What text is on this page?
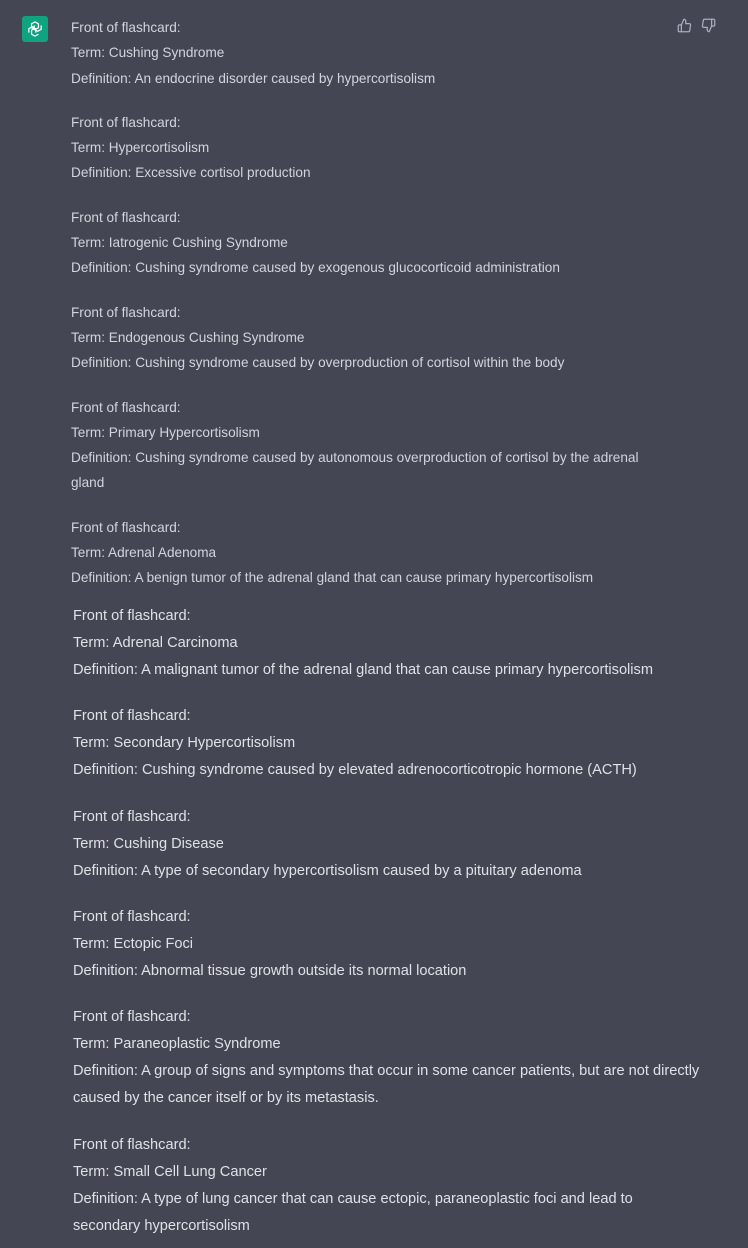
Front of flashcard:
Term: Cushing Syndrome
Definition: An endocrine disorder caused by hypercortisolism
Front of flashcard:
Term: Hypercortisolism
Definition: Excessive cortisol production
Front of flashcard:
Term: Iatrogenic Cushing Syndrome
Definition: Cushing syndrome caused by exogenous glucocorticoid administration
Front of flashcard:
Term: Endogenous Cushing Syndrome
Definition: Cushing syndrome caused by overproduction of cortisol within the body
Front of flashcard:
Term: Primary Hypercortisolism
Definition: Cushing syndrome caused by autonomous overproduction of cortisol by the adrenal gland
Front of flashcard:
Term: Adrenal Adenoma
Definition: A benign tumor of the adrenal gland that can cause primary hypercortisolism
Front of flashcard:
Term: Adrenal Carcinoma
Definition: A malignant tumor of the adrenal gland that can cause primary hypercortisolism
Front of flashcard:
Term: Secondary Hypercortisolism
Definition: Cushing syndrome caused by elevated adrenocorticotropic hormone (ACTH)
Front of flashcard:
Term: Cushing Disease
Definition: A type of secondary hypercortisolism caused by a pituitary adenoma
Front of flashcard:
Term: Ectopic Foci
Definition: Abnormal tissue growth outside its normal location
Front of flashcard:
Term: Paraneoplastic Syndrome
Definition: A group of signs and symptoms that occur in some cancer patients, but are not directly caused by the cancer itself or by its metastasis.
Front of flashcard:
Term: Small Cell Lung Cancer
Definition: A type of lung cancer that can cause ectopic, paraneoplastic foci and lead to secondary hypercortisolism
